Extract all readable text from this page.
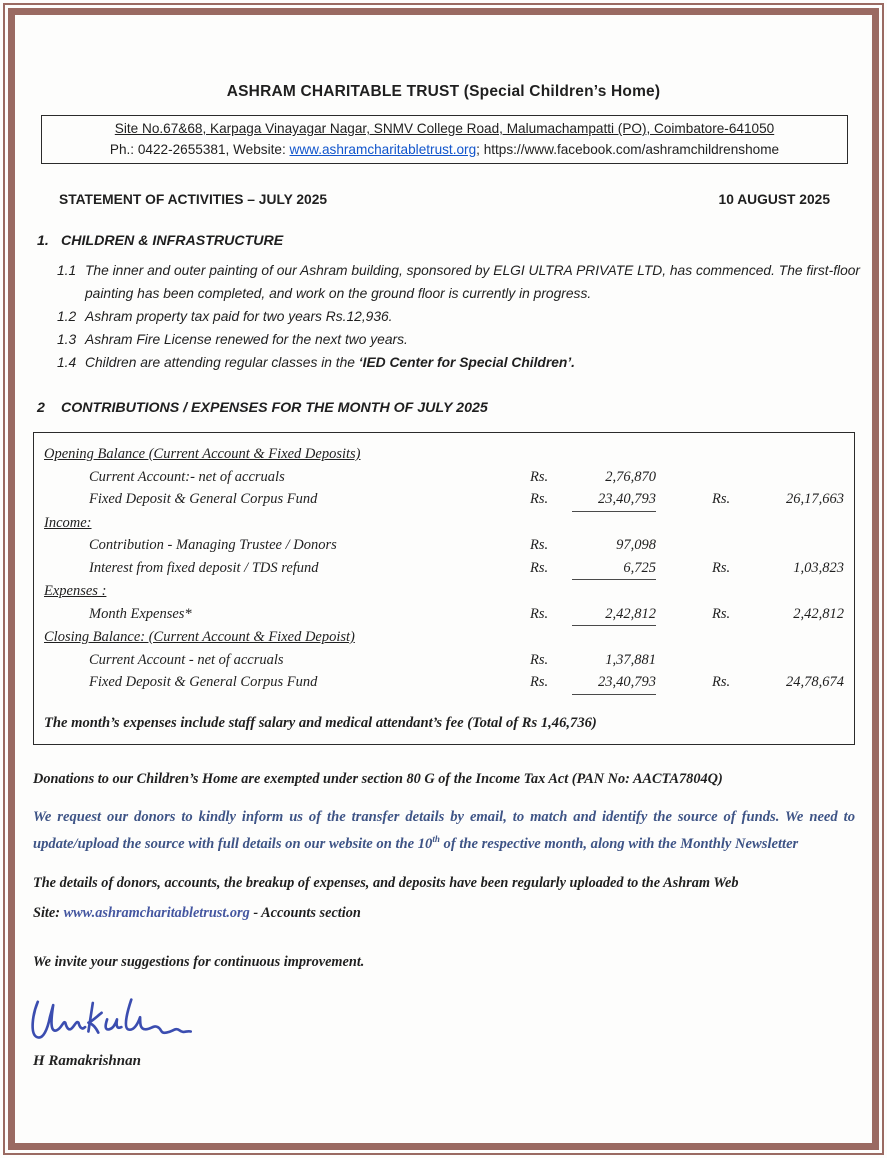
ASHRAM CHARITABLE TRUST (Special Children’s Home)
Site No.67&68, Karpaga Vinayagar Nagar, SNMV College Road, Malumachampatti (PO), Coimbatore-641050
Ph.: 0422-2655381, Website: www.ashramcharitabletrust.org; https://www.facebook.com/ashramchildrenshome
STATEMENT OF ACTIVITIES – JULY 2025	10 AUGUST 2025
1. CHILDREN & INFRASTRUCTURE
1.1 The inner and outer painting of our Ashram building, sponsored by ELGI ULTRA PRIVATE LTD, has commenced. The first-floor painting has been completed, and work on the ground floor is currently in progress.
1.2 Ashram property tax paid for two years Rs.12,936.
1.3 Ashram Fire License renewed for the next two years.
1.4 Children are attending regular classes in the ‘IED Center for Special Children’.
2	CONTRIBUTIONS / EXPENSES FOR THE MONTH OF JULY 2025
Opening Balance (Current Account & Fixed Deposits)
Current Account:- net of accruals	Rs.	2,76,870
Fixed Deposit & General Corpus Fund	Rs.	23,40,793	Rs.	26,17,663
Income:
Contribution - Managing Trustee / Donors	Rs.	97,098
Interest from fixed deposit / TDS refund	Rs.	6,725	Rs.	1,03,823
Expenses :
Month Expenses*	Rs.	2,42,812	Rs.	2,42,812
Closing Balance: (Current Account & Fixed Depoist)
Current Account - net of accruals	Rs.	1,37,881
Fixed Deposit & General Corpus Fund	Rs.	23,40,793	Rs.	24,78,674
The month’s expenses include staff salary and medical attendant’s fee (Total of Rs 1,46,736)

Donations to our Children’s Home are exempted under section 80 G of the Income Tax Act (PAN No: AACTA7804Q)

We request our donors to kindly inform us of the transfer details by email, to match and identify the source of funds. We need to update/upload the source with full details on our website on the 10th of the respective month, along with the Monthly Newsletter

The details of donors, accounts, the breakup of expenses, and deposits have been regularly uploaded to the Ashram Web
Site: www.ashramcharitabletrust.org - Accounts section

We invite your suggestions for continuous improvement.

H Ramakrishnan
